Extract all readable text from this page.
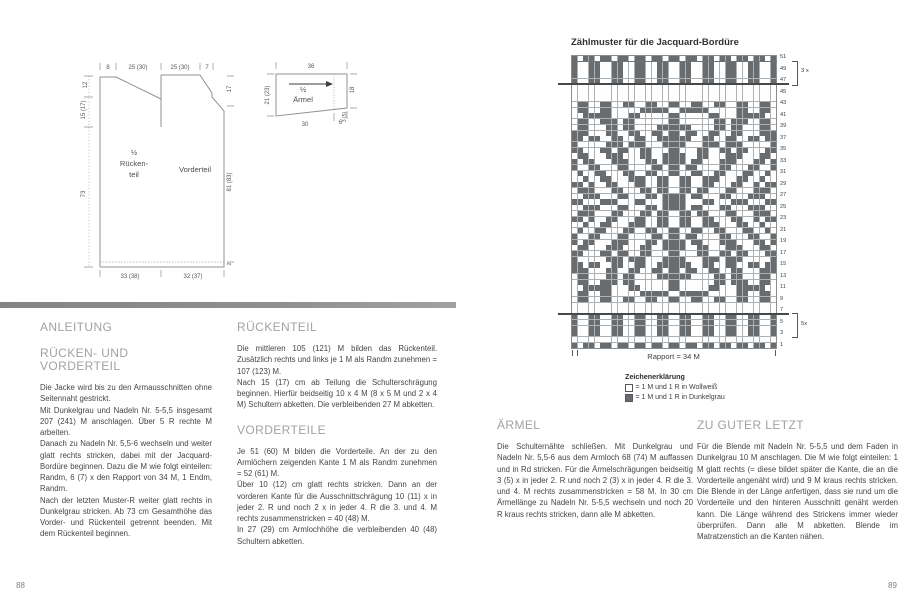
8	25 (30)	25 (30)	7
12
15 (17)
73
17
81 (83)
2
33 (38)	32 (37)
½
Rücken-
teil
Vorderteil
½
Ärmel
36
21 (23)	18
3 (5)
30	6
ANLEITUNG
RÜCKEN- UND VORDERTEIL

Die Jacke wird bis zu den Armausschnitten ohne Seitennaht gestrickt.

Mit Dunkelgrau und Nadeln Nr. 5-5,5 insgesamt 207 (241) M anschlagen. Über 5 R rechte M arbeiten.

Danach zu Nadeln Nr. 5,5-6 wechseln und weiter glatt rechts stricken, dabei mit der Jacquard-Bordüre beginnen. Dazu die M wie folgt einteilen: Randm, 6 (7) x den Rapport von 34 M, 1 Endm, Randm.

Nach der letzten Muster-R weiter glatt rechts in Dunkelgrau stricken. Ab 73 cm Gesamthöhe das Vorder- und Rückenteil getrennt beenden. Mit dem Rückenteil beginnen.

RÜCKENTEIL

Die mittleren 105 (121) M bilden das Rückenteil. Zusätzlich rechts und links je 1 M als Randm zunehmen = 107 (123) M.

Nach 15 (17) cm ab Teilung die Schulterschrägung beginnen. Hierfür beidseitig 10 x 4 M (8 x 5 M und 2 x 4 M) Schultern abketten. Die verbleibenden 27 M abketten.

VORDERTEILE

Je 51 (60) M bilden die Vorderteile. An der zu den Armlöchern zeigenden Kante 1 M als Randm zunehmen = 52 (61) M.

Über 10 (12) cm glatt rechts stricken. Dann an der vorderen Kante für die Ausschnittschrägung 10 (11) x in jeder 2. R und noch 2 x in jeder 4. R die 3. und 4. M rechts zusammenstricken = 40 (48) M.

In 27 (29) cm Armlochhöhe die verbleibenden 40 (48) Schultern abketten.

88
Zählmuster für die Jacquard-Bordüre
51
49
47
45
43
41
39
37
35
33
31
29
27
25
23
21
19
17
15
13
11
9
7
5
3
1
3 x
5x
Rapport = 34 M
Zeichenerklärung
= 1 M und 1 R in Wollweiß
= 1 M und 1 R in Dunkelgrau
ÄRMEL

Die Schulternähte schließen. Mit Dunkelgrau und Nadeln Nr. 5,5-6 aus dem Armloch 68 (74) M auffassen und in Rd stricken. Für die Ärmelschrägungen beidseitig 3 (5) x in jeder 2. R und noch 2 (3) x in jeder 4. R die 3. und 4. M rechts zusammenstricken = 58 M. In 30 cm Ärmellänge zu Nadeln Nr. 5-5,5 wechseln und noch 20 R kraus rechts stricken, dann alle M abketten.

ZU GUTER LETZT

Für die Blende mit Nadeln Nr. 5-5,5 und dem Faden in Dunkelgrau 10 M anschlagen. Die M wie folgt einteilen: 1 M glatt rechts (= diese bildet später die Kante, die an die Vorderteile angenäht wird) und 9 M kraus rechts stricken. Die Blende in der Länge anfertigen, dass sie rund um die Vorderteile und den hinteren Ausschnitt genäht werden kann. Die Länge während des Strickens immer wieder überprüfen. Dann alle M abketten. Blende im Matratzenstich an die Kanten nähen.

89
